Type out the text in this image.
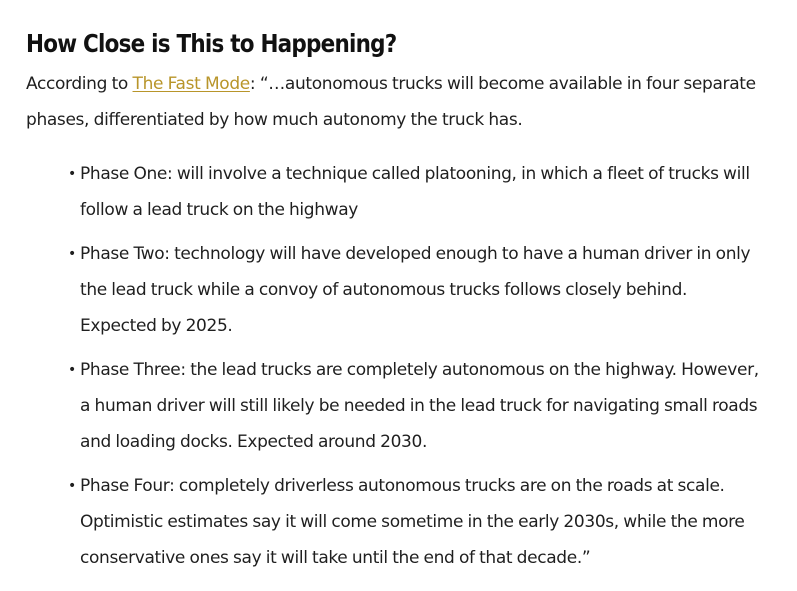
How Close is This to Happening?

According to The Fast Mode: “…autonomous trucks will become available in four separate phases, differentiated by how much autonomy the truck has.

• Phase One: will involve a technique called platooning, in which a fleet of trucks will follow a lead truck on the highway
• Phase Two: technology will have developed enough to have a human driver in only the lead truck while a convoy of autonomous trucks follows closely behind. Expected by 2025.
• Phase Three: the lead trucks are completely autonomous on the highway. However, a human driver will still likely be needed in the lead truck for navigating small roads and loading docks. Expected around 2030.
• Phase Four: completely driverless autonomous trucks are on the roads at scale. Optimistic estimates say it will come sometime in the early 2030s, while the more conservative ones say it will take until the end of that decade.”
